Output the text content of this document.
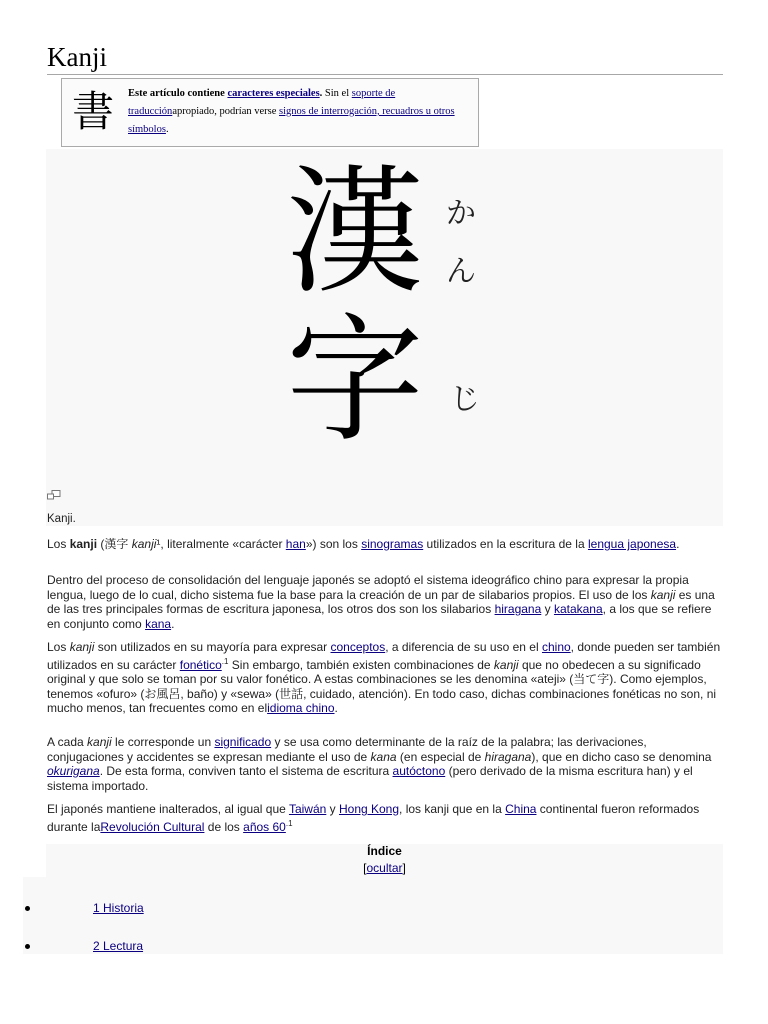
Kanji
書 Este artículo contiene caracteres especiales. Sin el soporte de traducciónapropiado, podrían verse signos de interrogación, recuadros u otros símbolos.
漢
字
か
ん
じ
Kanji.

Los kanji (漢字 kanji¹, literalmente «carácter han») son los sinogramas utilizados en la escritura de la lengua japonesa.

Dentro del proceso de consolidación del lenguaje japonés se adoptó el sistema ideográfico chino para expresar la propia lengua, luego de lo cual, dicho sistema fue la base para la creación de un par de silabarios propios. El uso de los kanji es una de las tres principales formas de escritura japonesa, los otros dos son los silabarios hiragana y katakana, a los que se refiere en conjunto como kana.

Los kanji son utilizados en su mayoría para expresar conceptos, a diferencia de su uso en el chino, donde pueden ser también utilizados en su carácter fonético$^{.1}$ Sin embargo, también existen combinaciones de kanji que no obedecen a su significado original y que solo se toman por su valor fonético. A estas combinaciones se les denomina «ateji» (当て字). Como ejemplos, tenemos «ofuro» (お風呂, baño) y «sewa» (世話, cuidado, atención). En todo caso, dichas combinaciones fonéticas no son, ni mucho menos, tan frecuentes como en elidioma chino.

A cada kanji le corresponde un significado y se usa como determinante de la raíz de la palabra; las derivaciones, conjugaciones y accidentes se expresan mediante el uso de kana (en especial de hiragana), que en dicho caso se denomina okurigana. De esta forma, conviven tanto el sistema de escritura autóctono (pero derivado de la misma escritura han) y el sistema importado.

El japonés mantiene inalterados, al igual que Taiwán y Hong Kong, los kanji que en la China continental fueron reformados durante laRevolución Cultural de los años $60^{.1}$

Índice
[ocultar]
1 Historia
2 Lectura
